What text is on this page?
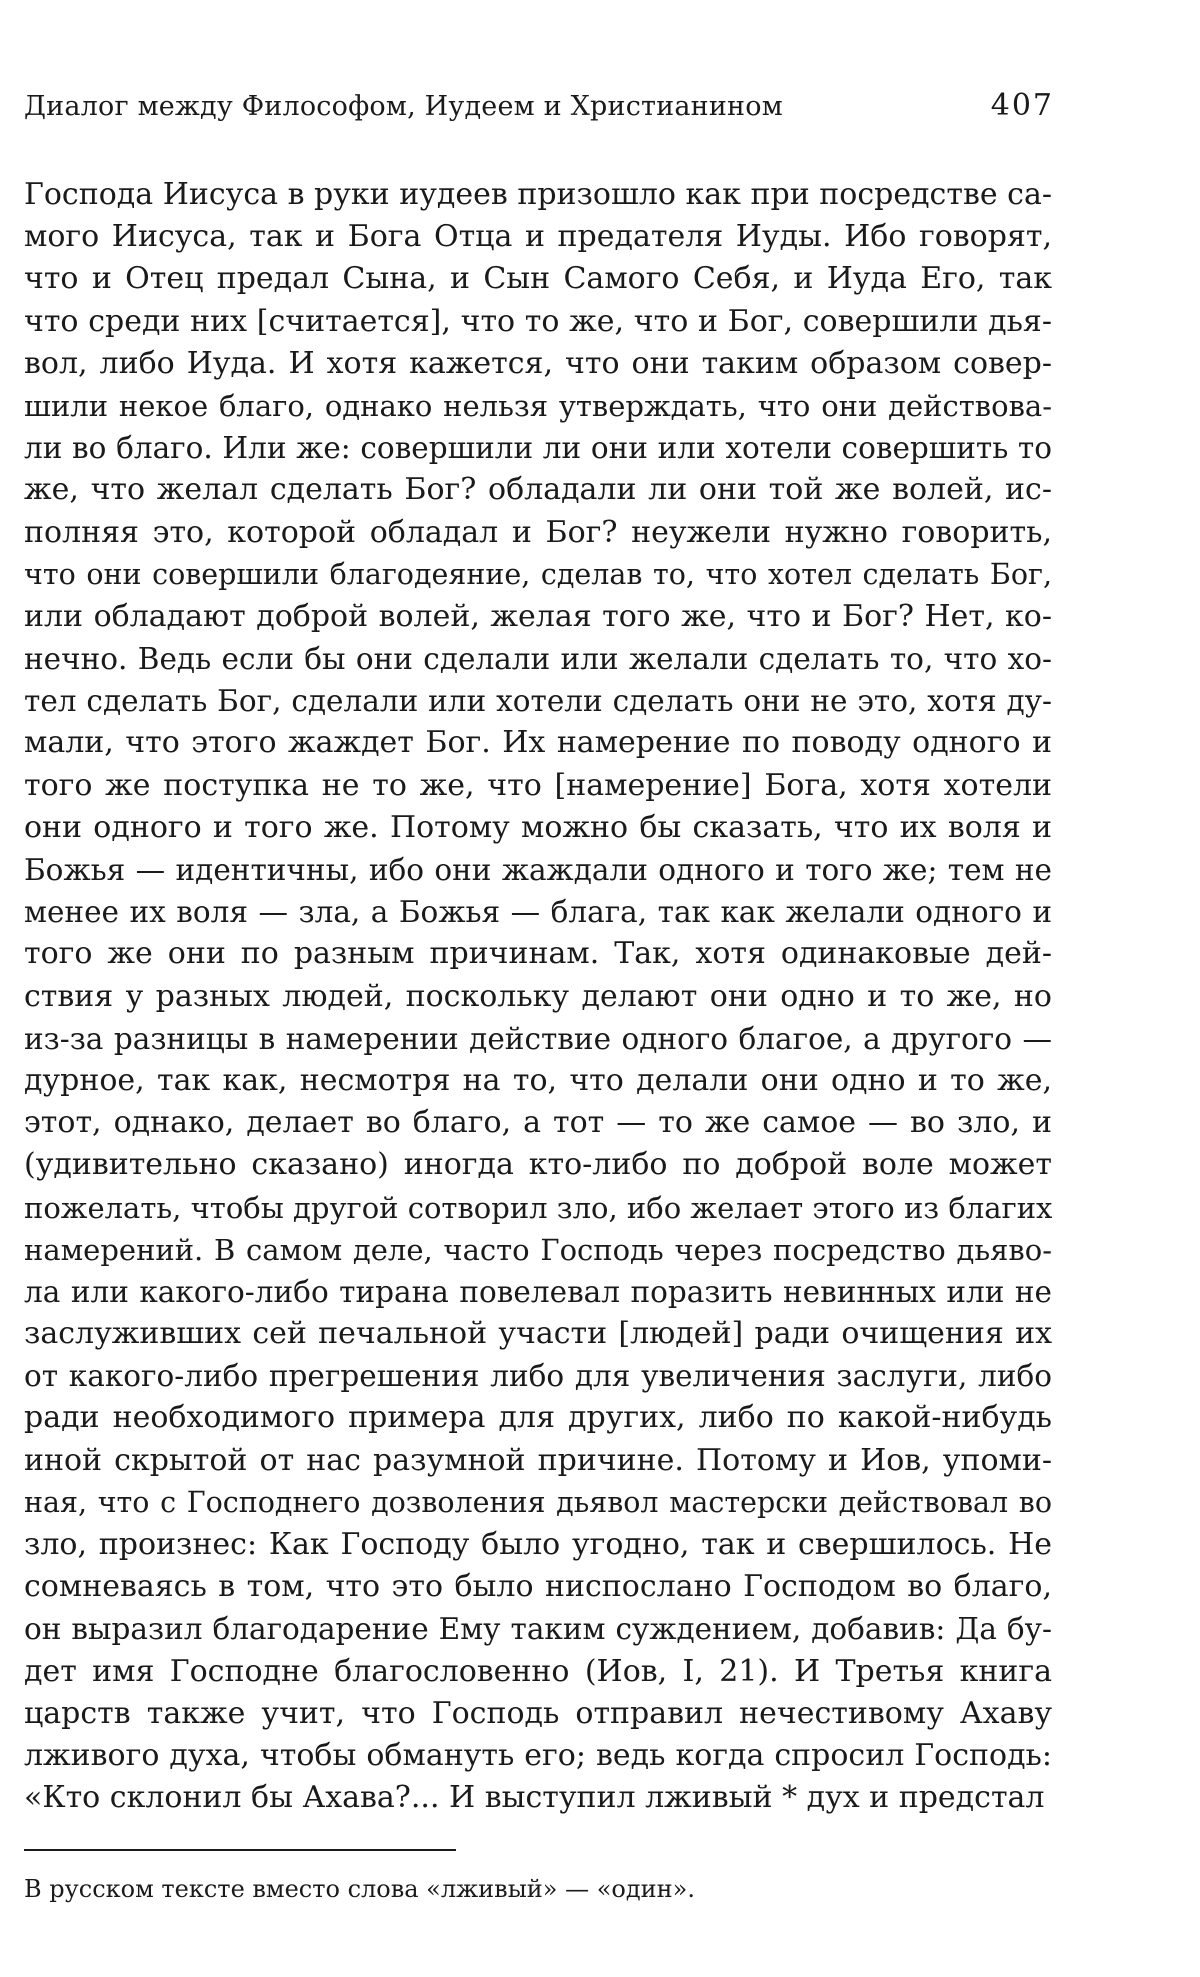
Диалог между Философом, Иудеем и Христианином	407
Господа Иисуса в руки иудеев призошло как при посредстве са-
мого Иисуса, так и Бога Отца и предателя Иуды. Ибо говорят,
что и Отец предал Сына, и Сын Самого Себя, и Иуда Его, так
что среди них [считается], что то же, что и Бог, совершили дья-
вол, либо Иуда. И хотя кажется, что они таким образом совер-
шили некое благо, однако нельзя утверждать, что они действова-
ли во благо. Или же: совершили ли они или хотели совершить то
же, что желал сделать Бог? обладали ли они той же волей, ис-
полняя это, которой обладал и Бог? неужели нужно говорить,
что они совершили благодеяние, сделав то, что хотел сделать Бог,
или обладают доброй волей, желая того же, что и Бог? Нет, ко-
нечно. Ведь если бы они сделали или желали сделать то, что хо-
тел сделать Бог, сделали или хотели сделать они не это, хотя ду-
мали, что этого жаждет Бог. Их намерение по поводу одного и
того же поступка не то же, что [намерение] Бога, хотя хотели
они одного и того же. Потому можно бы сказать, что их воля и
Божья — идентичны, ибо они жаждали одного и того же; тем не
менее их воля — зла, а Божья — блага, так как желали одного и
того же они по разным причинам. Так, хотя одинаковые дей-
ствия у разных людей, поскольку делают они одно и то же, но
из-за разницы в намерении действие одного благое, а другого —
дурное, так как, несмотря на то, что делали они одно и то же,
этот, однако, делает во благо, а тот — то же самое — во зло, и
(удивительно сказано) иногда кто-либо по доброй воле может
пожелать, чтобы другой сотворил зло, ибо желает этого из благих
намерений. В самом деле, часто Господь через посредство дьяво-
ла или какого-либо тирана повелевал поразить невинных или не
заслуживших сей печальной участи [людей] ради очищения их
от какого-либо прегрешения либо для увеличения заслуги, либо
ради необходимого примера для других, либо по какой-нибудь
иной скрытой от нас разумной причине. Потому и Иов, упоми-
ная, что с Господнего дозволения дьявол мастерски действовал во
зло, произнес: Как Господу было угодно, так и свершилось. Не
сомневаясь в том, что это было ниспослано Господом во благо,
он выразил благодарение Ему таким суждением, добавив: Да бу-
дет имя Господне благословенно (Иов, I, 21). И Третья книга
царств также учит, что Господь отправил нечестивому Ахаву
лживого духа, чтобы обмануть его; ведь когда спросил Господь:
«Кто склонил бы Ахава?... И выступил лживый * дух и предстал
В русском тексте вместо слова «лживый» — «один».
